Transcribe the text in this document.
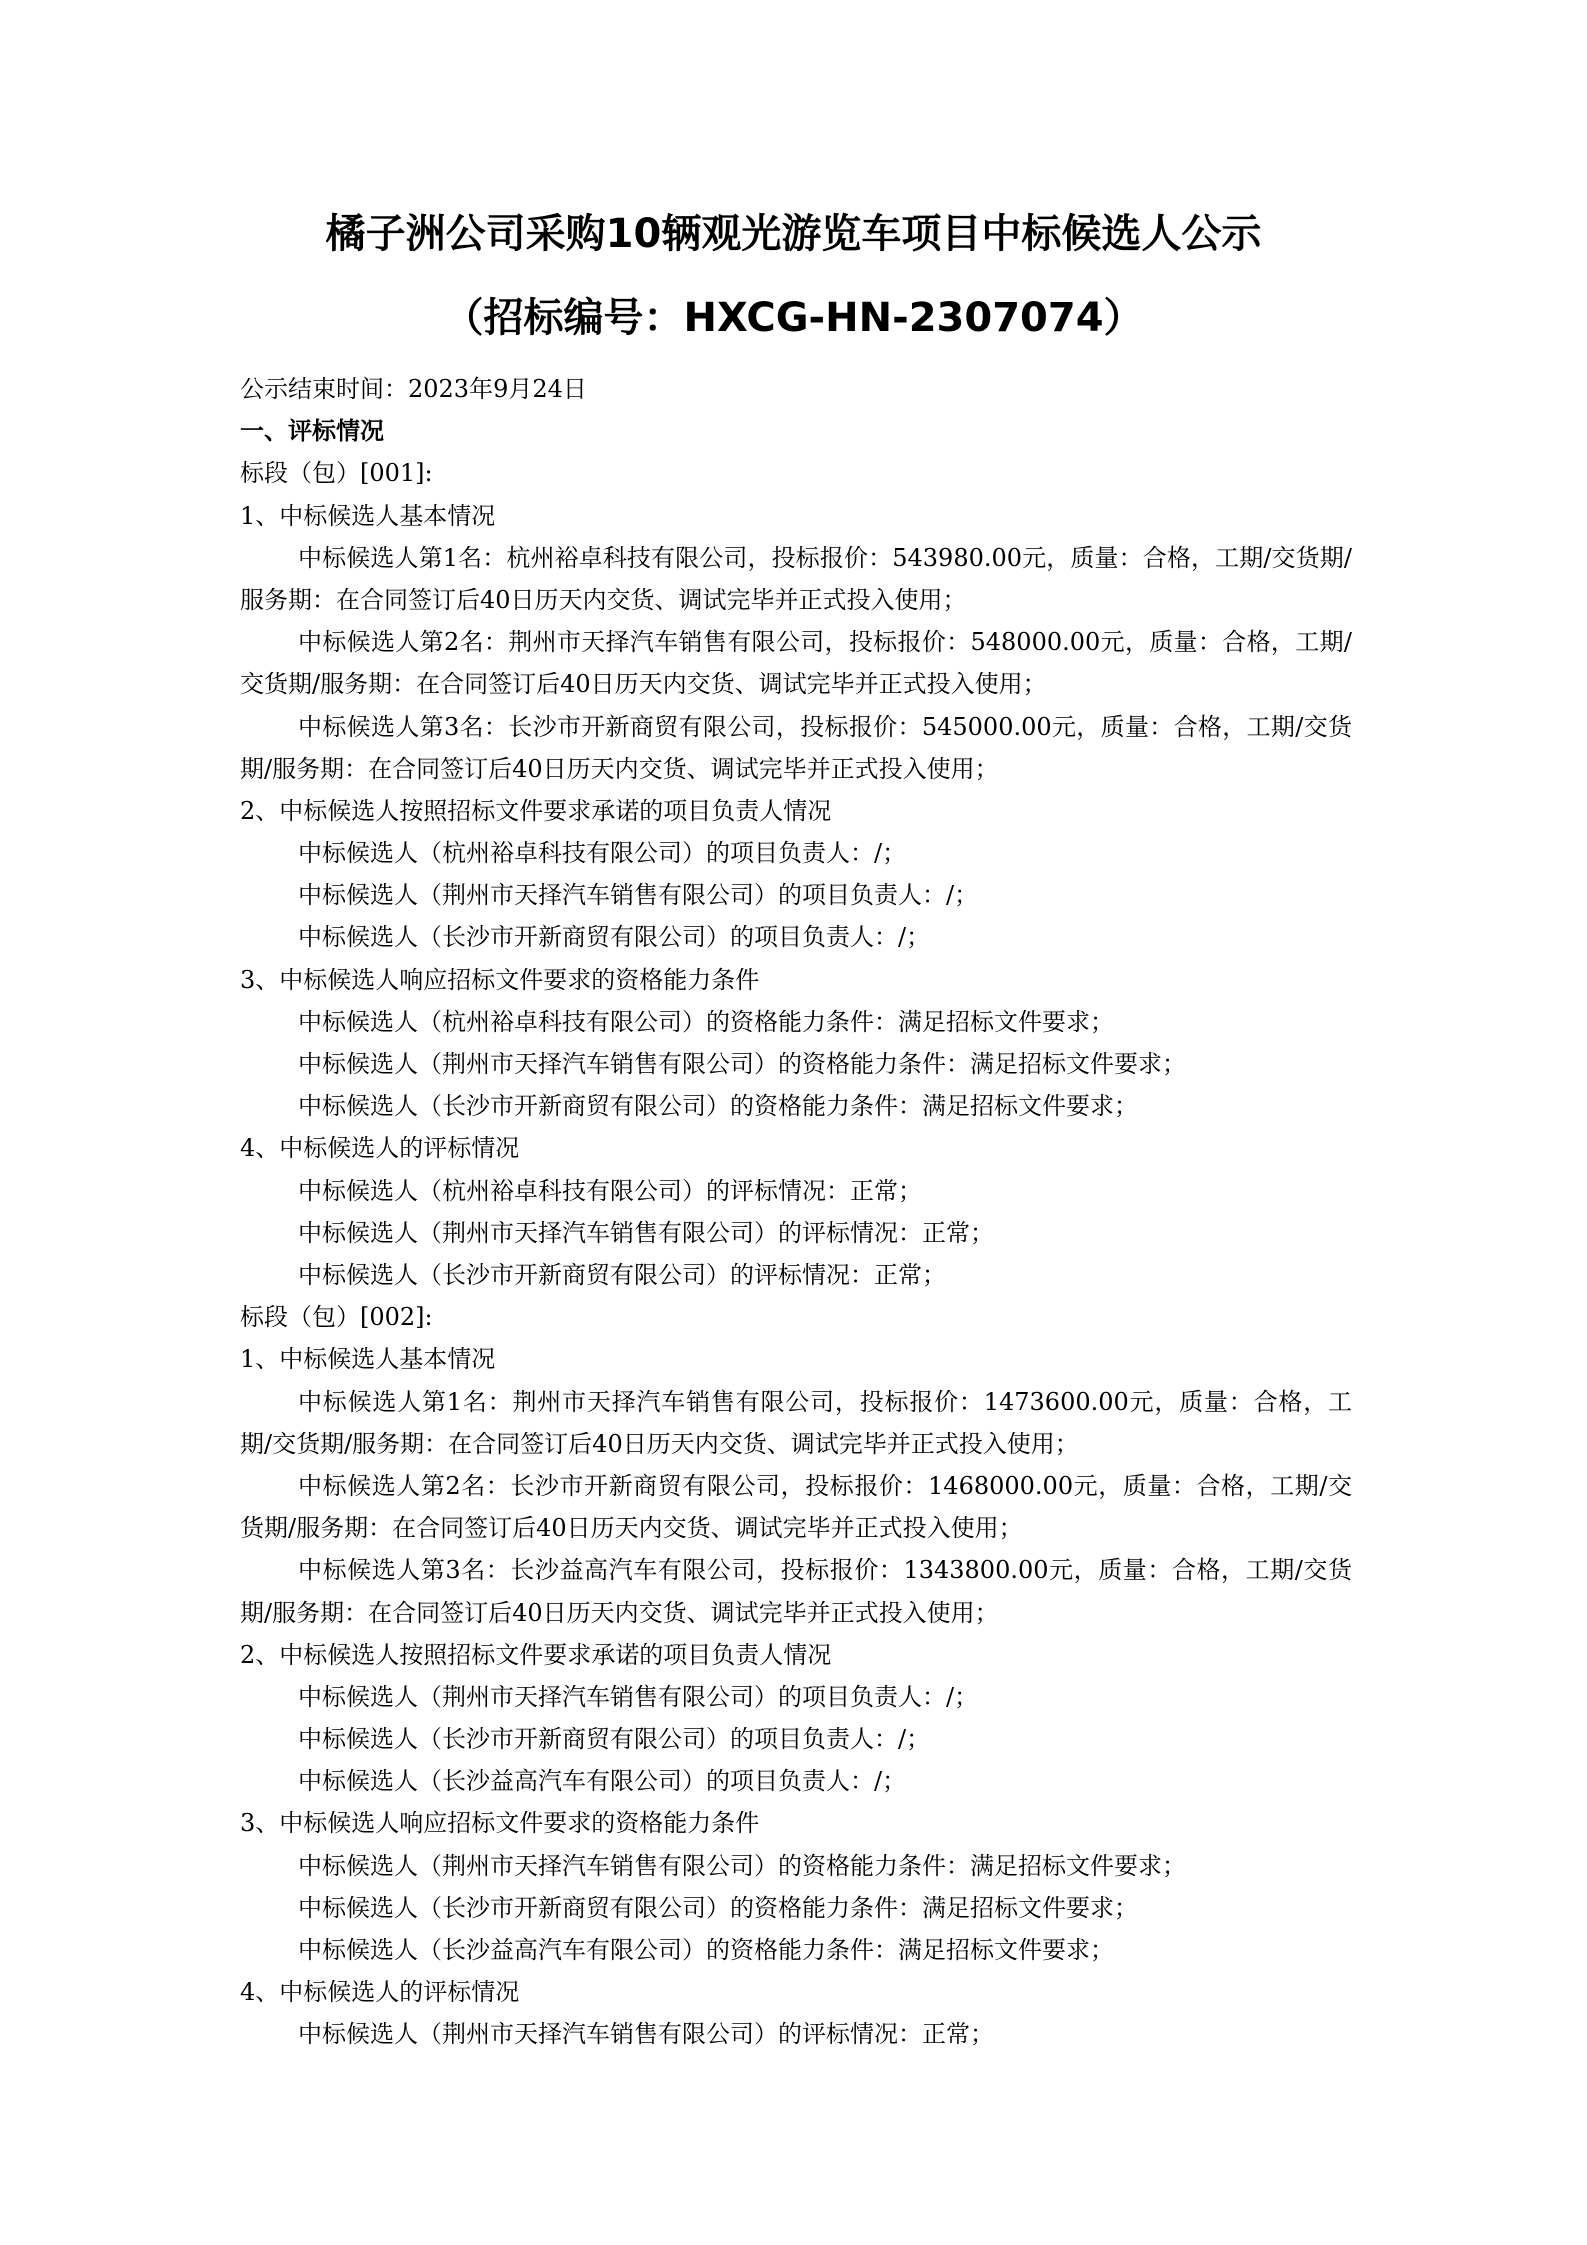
橘子洲公司采购10辆观光游览车项目中标候选人公示
（招标编号：HXCG-HN-2307074）
公示结束时间：2023年9月24日
一、评标情况
标段（包）[001]:
1、中标候选人基本情况
中标候选人第1名：杭州裕卓科技有限公司，投标报价：543980.00元，质量：合格，工期/交货期/服务期：在合同签订后40日历天内交货、调试完毕并正式投入使用；
中标候选人第2名：荆州市天择汽车销售有限公司，投标报价：548000.00元，质量：合格，工期/交货期/服务期：在合同签订后40日历天内交货、调试完毕并正式投入使用；
中标候选人第3名：长沙市开新商贸有限公司，投标报价：545000.00元，质量：合格，工期/交货期/服务期：在合同签订后40日历天内交货、调试完毕并正式投入使用；
2、中标候选人按照招标文件要求承诺的项目负责人情况
中标候选人（杭州裕卓科技有限公司）的项目负责人：/；
中标候选人（荆州市天择汽车销售有限公司）的项目负责人：/；
中标候选人（长沙市开新商贸有限公司）的项目负责人：/；
3、中标候选人响应招标文件要求的资格能力条件
中标候选人（杭州裕卓科技有限公司）的资格能力条件：满足招标文件要求；
中标候选人（荆州市天择汽车销售有限公司）的资格能力条件：满足招标文件要求；
中标候选人（长沙市开新商贸有限公司）的资格能力条件：满足招标文件要求；
4、中标候选人的评标情况
中标候选人（杭州裕卓科技有限公司）的评标情况：正常；
中标候选人（荆州市天择汽车销售有限公司）的评标情况：正常；
中标候选人（长沙市开新商贸有限公司）的评标情况：正常；
标段（包）[002]:
1、中标候选人基本情况
中标候选人第1名：荆州市天择汽车销售有限公司，投标报价：1473600.00元，质量：合格，工期/交货期/服务期：在合同签订后40日历天内交货、调试完毕并正式投入使用；
中标候选人第2名：长沙市开新商贸有限公司，投标报价：1468000.00元，质量：合格，工期/交货期/服务期：在合同签订后40日历天内交货、调试完毕并正式投入使用；
中标候选人第3名：长沙益高汽车有限公司，投标报价：1343800.00元，质量：合格，工期/交货期/服务期：在合同签订后40日历天内交货、调试完毕并正式投入使用；
2、中标候选人按照招标文件要求承诺的项目负责人情况
中标候选人（荆州市天择汽车销售有限公司）的项目负责人：/；
中标候选人（长沙市开新商贸有限公司）的项目负责人：/；
中标候选人（长沙益高汽车有限公司）的项目负责人：/；
3、中标候选人响应招标文件要求的资格能力条件
中标候选人（荆州市天择汽车销售有限公司）的资格能力条件：满足招标文件要求；
中标候选人（长沙市开新商贸有限公司）的资格能力条件：满足招标文件要求；
中标候选人（长沙益高汽车有限公司）的资格能力条件：满足招标文件要求；
4、中标候选人的评标情况
中标候选人（荆州市天择汽车销售有限公司）的评标情况：正常；
